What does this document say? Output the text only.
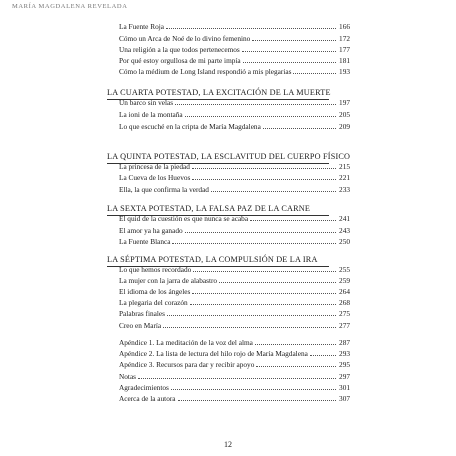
MARÍA MAGDALENA REVELADA
La Fuente Roja	166
Cómo un Arca de Noé de lo divino femenino	172
Una religión a la que todos pertenecemos	177
Por qué estoy orgullosa de mi parte impía	181
Cómo la médium de Long Island respondió a mis plegarias	193
LA CUARTA POTESTAD, LA EXCITACIÓN DE LA MUERTE
Un barco sin velas	197
La ioni de la montaña	205
Lo que escuché en la cripta de María Magdalena	209
LA QUINTA POTESTAD, LA ESCLAVITUD DEL CUERPO FÍSICO
La princesa de la piedad	215
La Cueva de los Huevos	221
Ella, la que confirma la verdad	233
LA SEXTA POTESTAD, LA FALSA PAZ DE LA CARNE
El quid de la cuestión es que nunca se acaba	241
El amor ya ha ganado	243
La Fuente Blanca	250
LA SÉPTIMA POTESTAD, LA COMPULSIÓN DE LA IRA
Lo que hemos recordado	255
La mujer con la jarra de alabastro	259
El idioma de los ángeles	264
La plegaria del corazón	268
Palabras finales	275
Creo en María	277
Apéndice 1. La meditación de la voz del alma	287
Apéndice 2. La lista de lectura del hilo rojo de María Magdalena	293
Apéndice 3. Recursos para dar y recibir apoyo	295
Notas	297
Agradecimientos	301
Acerca de la autora	307
12
